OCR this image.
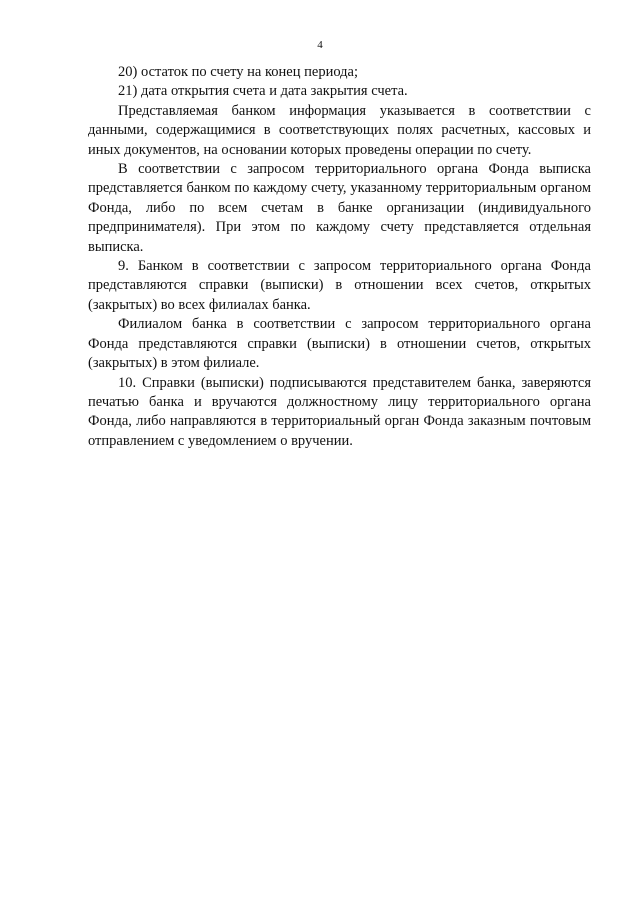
4

20) остаток по счету на конец периода;

21) дата открытия счета и дата закрытия счета.

Представляемая банком информация указывается в соответствии с данными, содержащимися в соответствующих полях расчетных, кассовых и иных документов, на основании которых проведены операции по счету.

В соответствии с запросом территориального органа Фонда выписка представляется банком по каждому счету, указанному территориальным органом Фонда, либо по всем счетам в банке организации (индивидуального предпринимателя). При этом по каждому счету представляется отдельная выписка.

9. Банком в соответствии с запросом территориального органа Фонда представляются справки (выписки) в отношении всех счетов, открытых (закрытых) во всех филиалах банка.

Филиалом банка в соответствии с запросом территориального органа Фонда представляются справки (выписки) в отношении счетов, открытых (закрытых) в этом филиале.

10. Справки (выписки) подписываются представителем банка, заверяются печатью банка и вручаются должностному лицу территориального органа Фонда, либо направляются в территориальный орган Фонда заказным почтовым отправлением с уведомлением о вручении.
